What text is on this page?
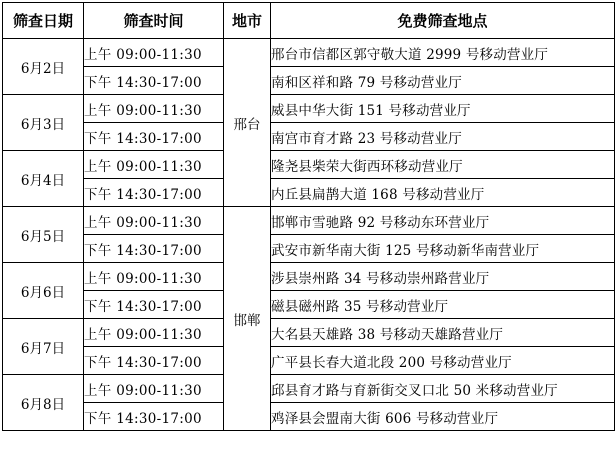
筛查日期	筛查时间	地市	免费筛查地点
6月2日	上午 09:00-11:30	邢台	邢台市信都区郭守敬大道 2999 号移动营业厅
	下午 14:30-17:00		南和区祥和路 79 号移动营业厅
6月3日	上午 09:00-11:30		威县中华大街 151 号移动营业厅
	下午 14:30-17:00		南宫市育才路 23 号移动营业厅
6月4日	上午 09:00-11:30		隆尧县柴荣大街西环移动营业厅
	下午 14:30-17:00		内丘县扁鹊大道 168 号移动营业厅
6月5日	上午 09:00-11:30	邯郸	邯郸市雪驰路 92 号移动东环营业厅
	下午 14:30-17:00		武安市新华南大街 125 号移动新华南营业厅
6月6日	上午 09:00-11:30		涉县崇州路 34 号移动崇州路营业厅
	下午 14:30-17:00		磁县磁州路 35 号移动营业厅
6月7日	上午 09:00-11:30		大名县天雄路 38 号移动天雄路营业厅
	下午 14:30-17:00		广平县长春大道北段 200 号移动营业厅
6月8日	上午 09:00-11:30		邱县育才路与育新街交叉口北 50 米移动营业厅
	下午 14:30-17:00		鸡泽县会盟南大街 606 号移动营业厅
